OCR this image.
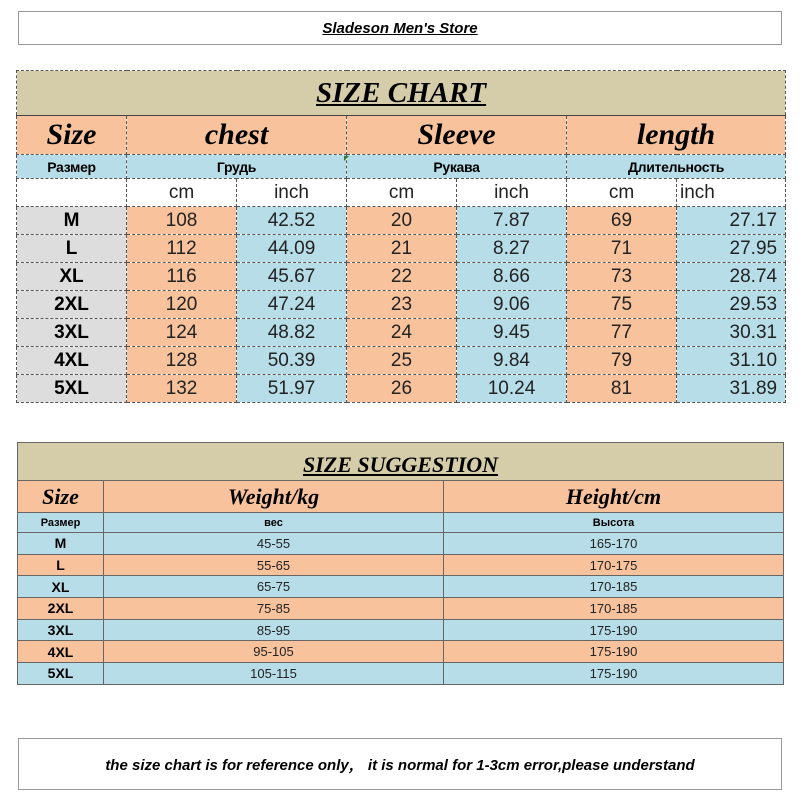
Sladeson Men's Store
SIZE CHART						
Size	chest		Sleeve		length	
Размер	Грудь		Рукава		Длительность	
	cm	inch	cm	inch	cm	inch
M	108	42.52	20	7.87	69	27.17
L	112	44.09	21	8.27	71	27.95
XL	116	45.67	22	8.66	73	28.74
2XL	120	47.24	23	9.06	75	29.53
3XL	124	48.82	24	9.45	77	30.31
4XL	128	50.39	25	9.84	79	31.10
5XL	132	51.97	26	10.24	81	31.89
SIZE SUGGESTION		
Size	Weight/kg	Height/cm
Размер	вес	Высота
M	45-55	165-170
L	55-65	170-175
XL	65-75	170-185
2XL	75-85	170-185
3XL	85-95	175-190
4XL	95-105	175-190
5XL	105-115	175-190
the size chart is for reference only， it is normal for 1-3cm error,please understand
